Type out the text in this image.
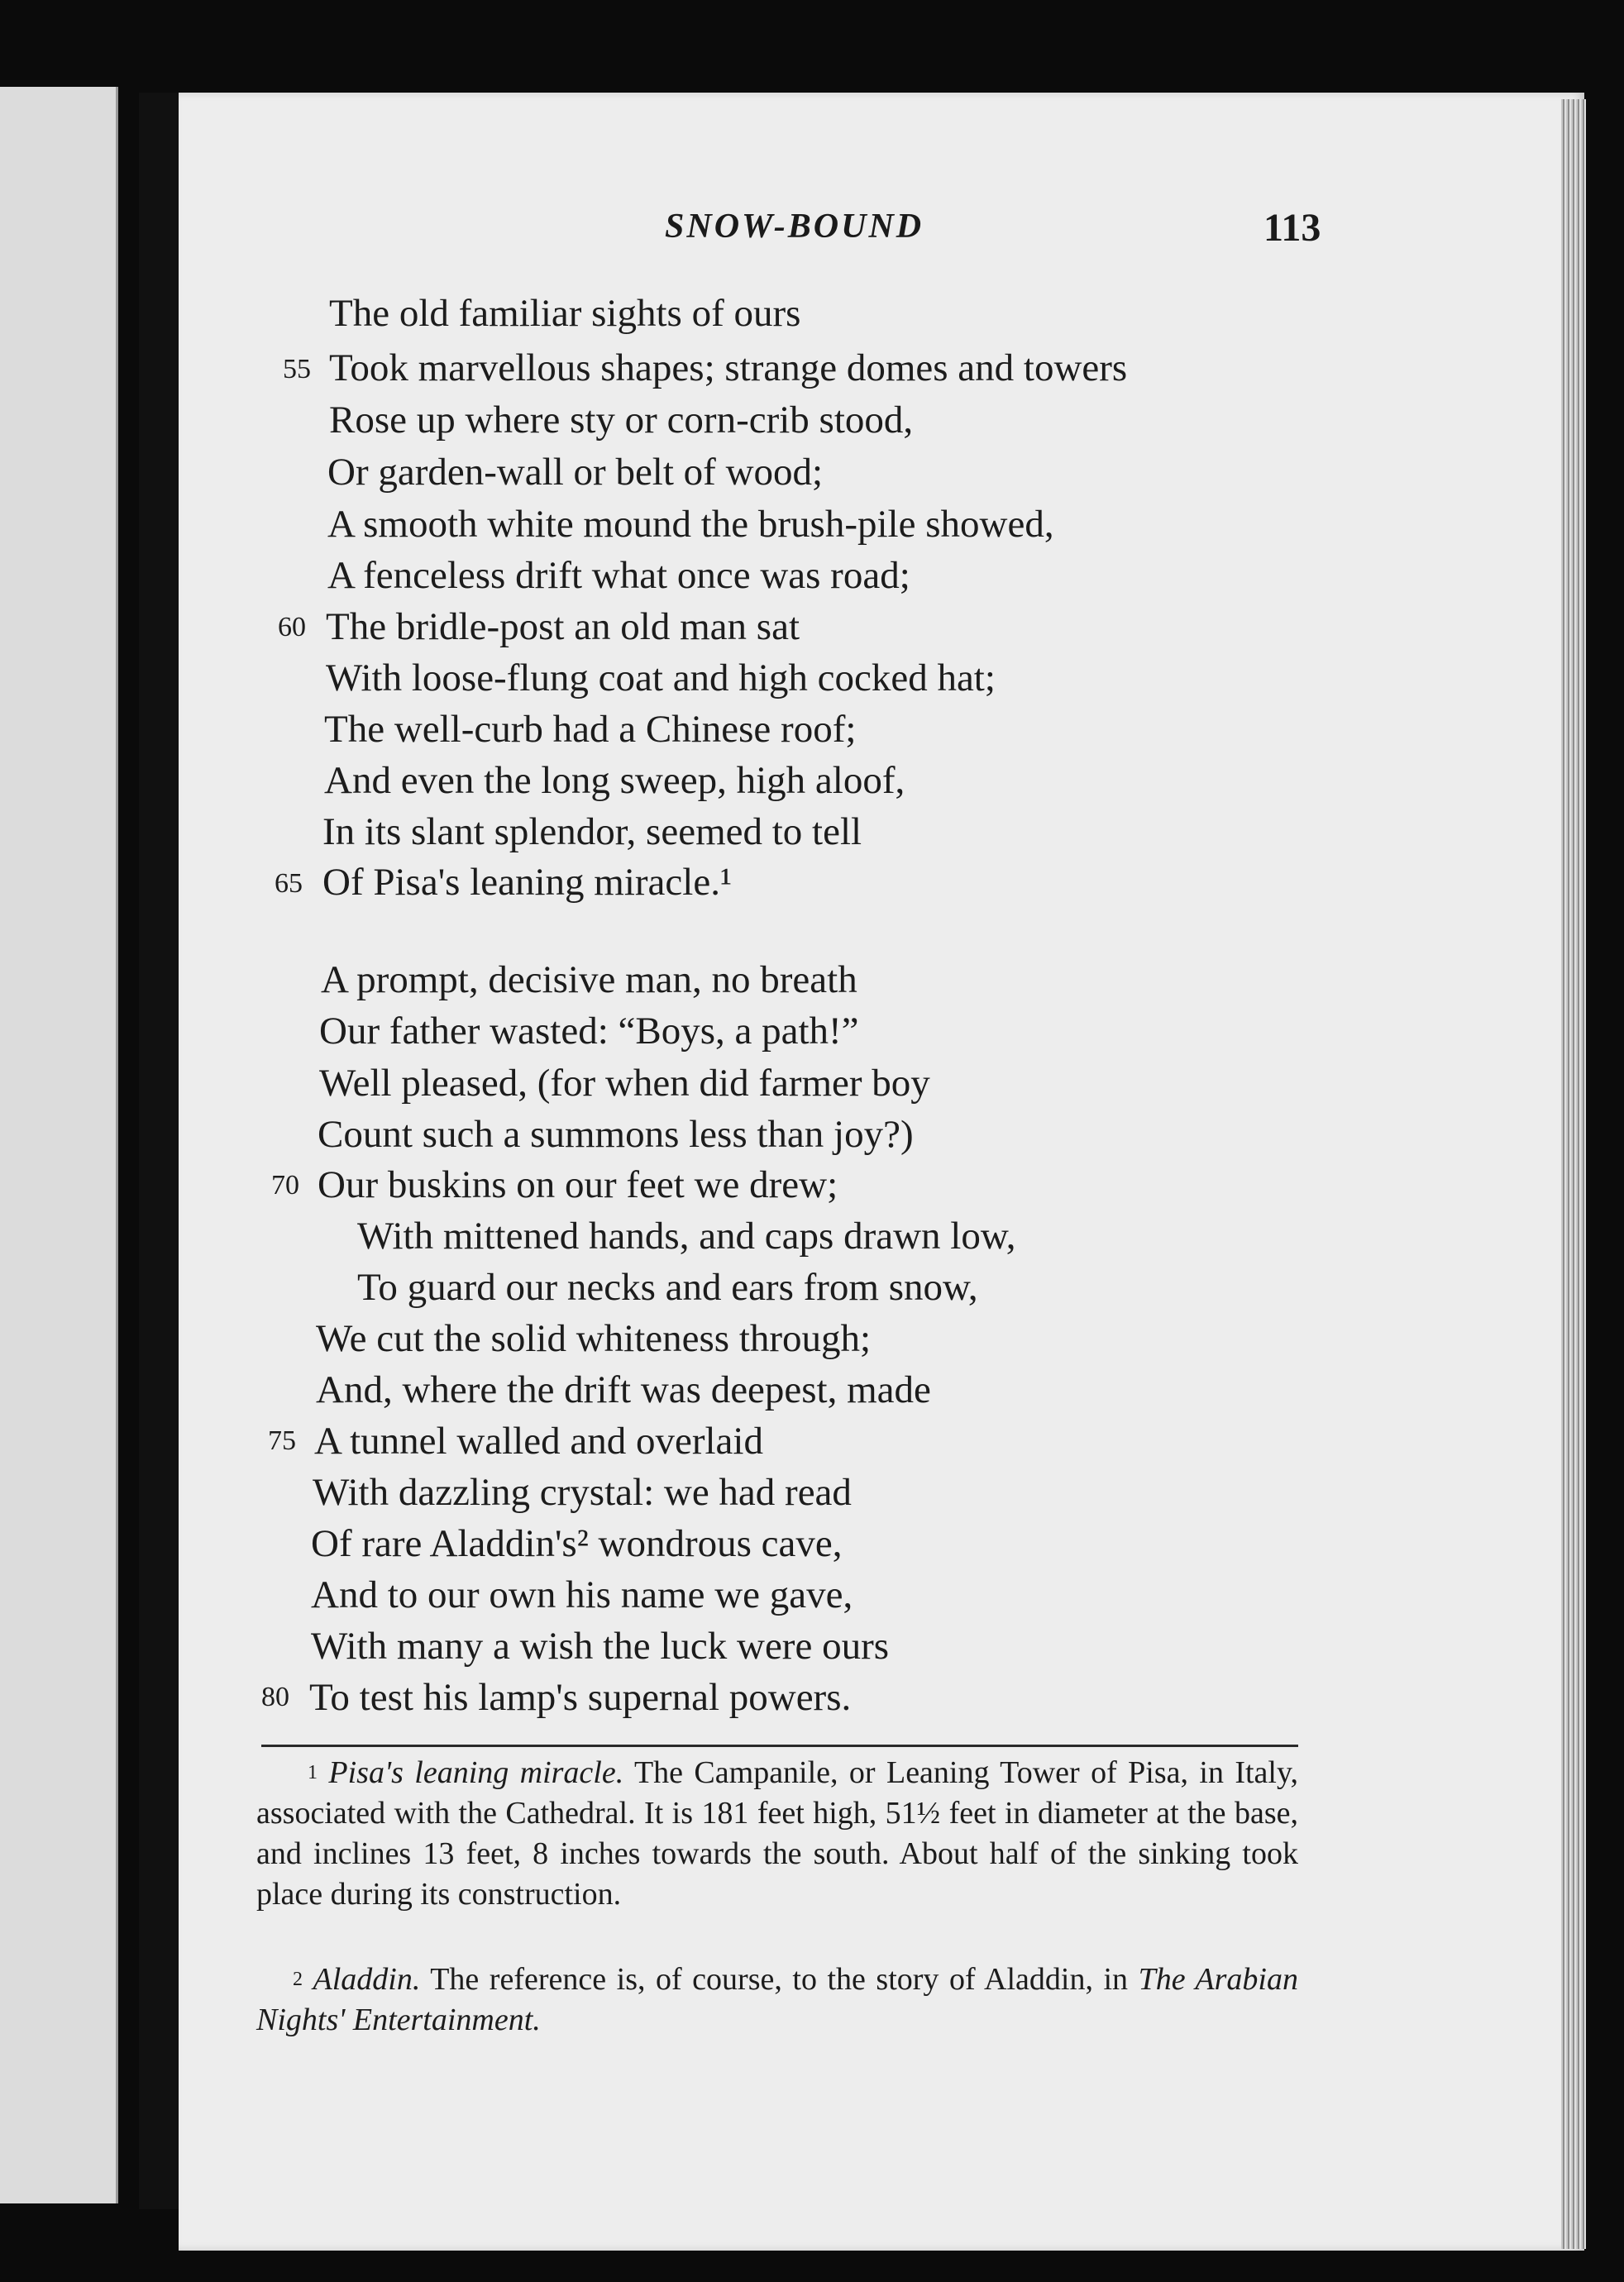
SNOW-BOUND	113
The old familiar sights of ours
55 Took marvellous shapes; strange domes and towers
Rose up where sty or corn-crib stood,
Or garden-wall or belt of wood;
A smooth white mound the brush-pile showed,
A fenceless drift what once was road;
60 The bridle-post an old man sat
With loose-flung coat and high cocked hat;
The well-curb had a Chinese roof;
And even the long sweep, high aloof,
In its slant splendor, seemed to tell
65 Of Pisa's leaning miracle.¹
A prompt, decisive man, no breath
Our father wasted: “Boys, a path!”
Well pleased, (for when did farmer boy
Count such a summons less than joy?)
70 Our buskins on our feet we drew;
With mittened hands, and caps drawn low,
To guard our necks and ears from snow,
We cut the solid whiteness through;
And, where the drift was deepest, made
75 A tunnel walled and overlaid
With dazzling crystal: we had read
Of rare Aladdin's² wondrous cave,
And to our own his name we gave,
With many a wish the luck were ours
80 To test his lamp's supernal powers.
$^1$ Pisa's leaning miracle. The Campanile, or Leaning Tower of Pisa, in Italy, associated with the Cathedral. It is 181 feet high, 51½ feet in diameter at the base, and inclines 13 feet, 8 inches towards the south. About half of the sinking took place during its construction.
$^2$ Aladdin. The reference is, of course, to the story of Aladdin, in The Arabian Nights' Entertainment.
